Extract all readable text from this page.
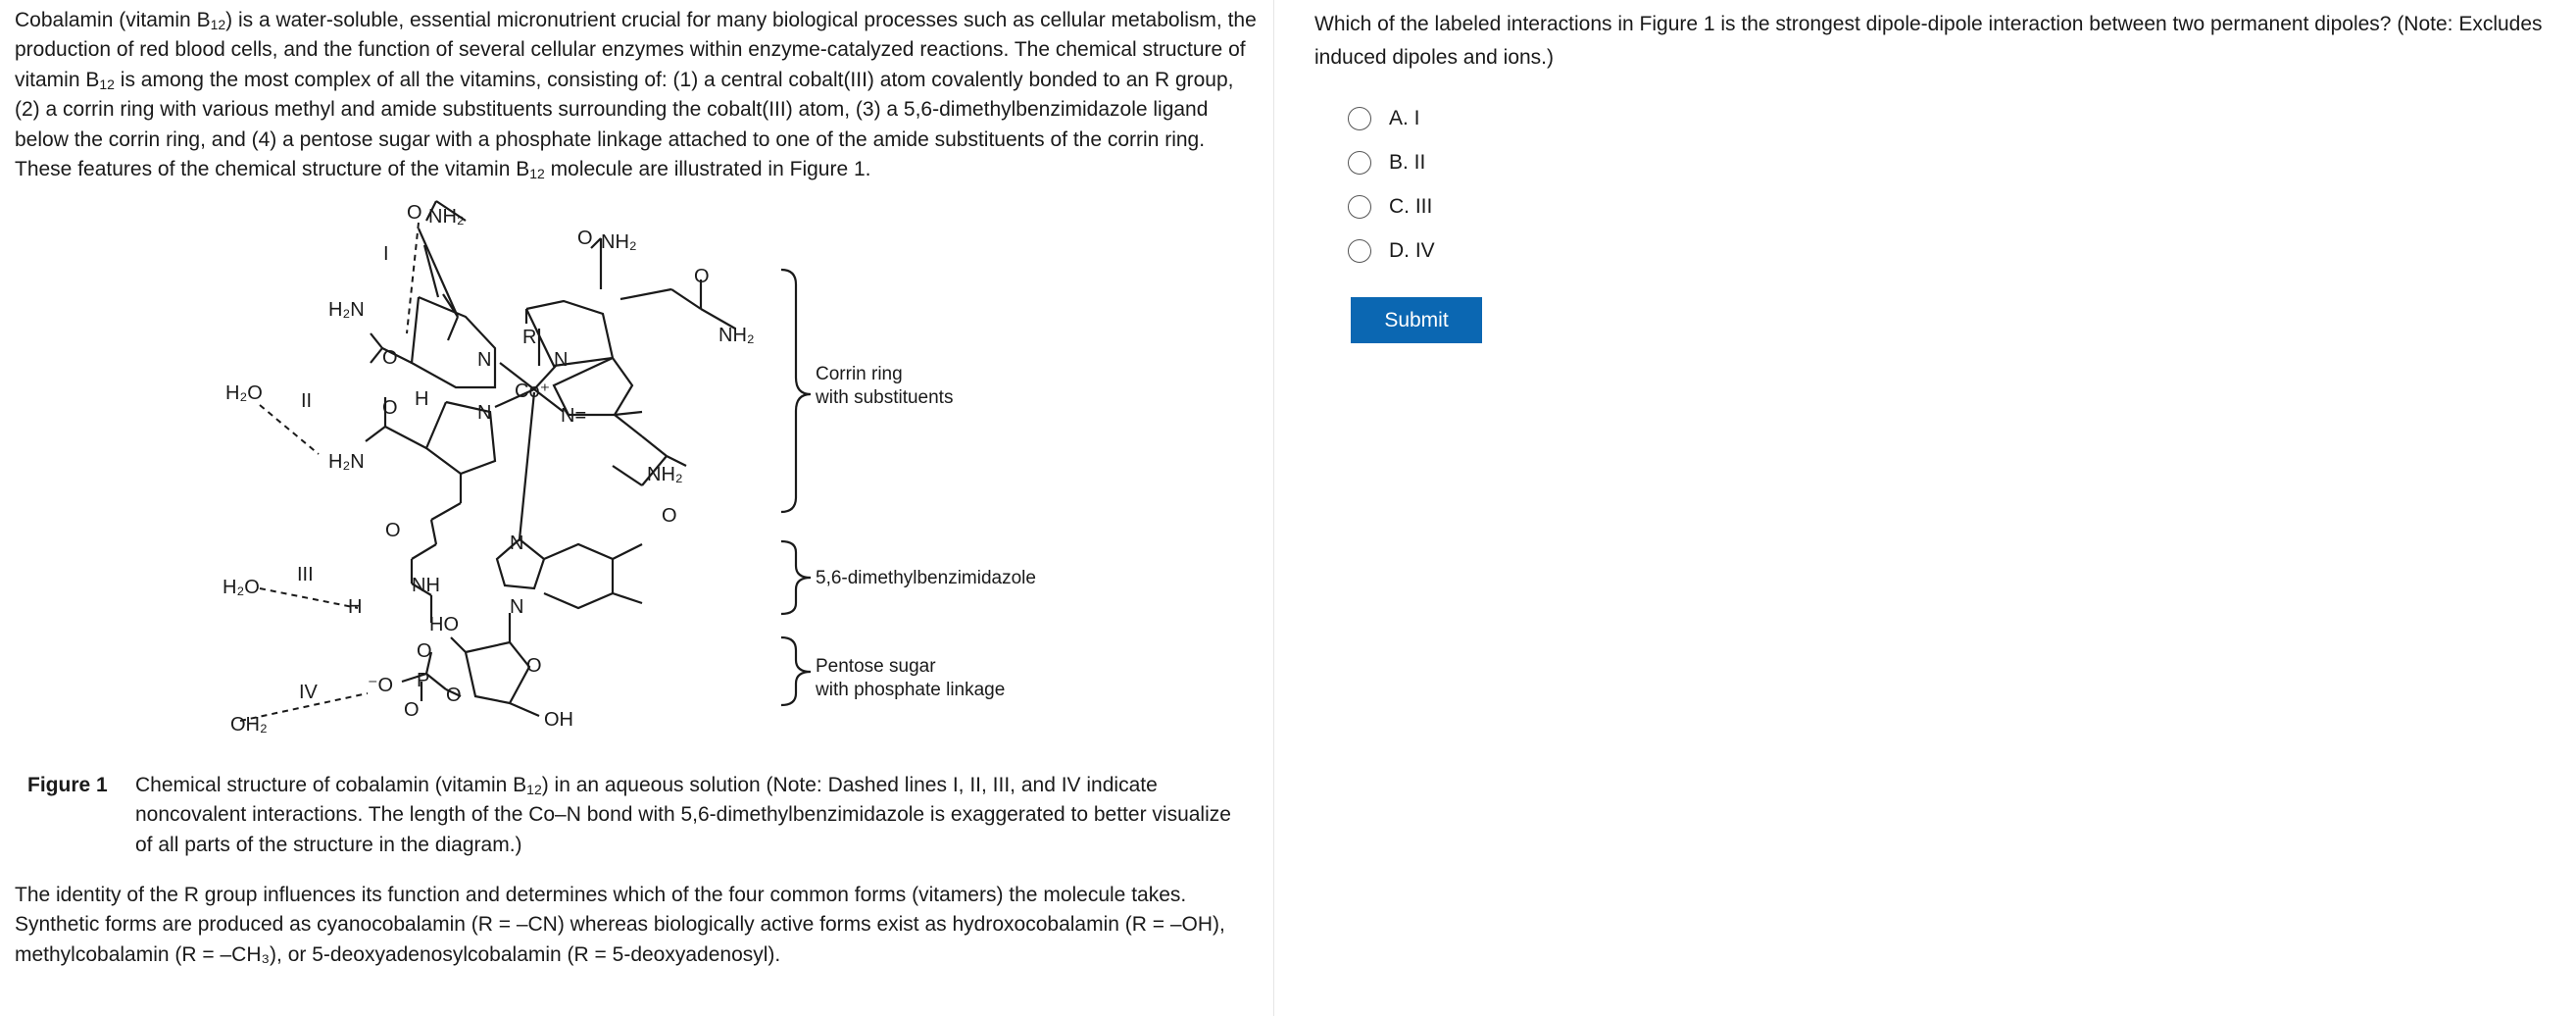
Cobalamin (vitamin $B_{12}$) is a water-soluble, essential micronutrient crucial for many biological processes such as cellular metabolism, the production of red blood cells, and the function of several cellular enzymes within enzyme-catalyzed reactions. The chemical structure of vitamin $B_{12}$ is among the most complex of all the vitamins, consisting of: (1) a central cobalt(III) atom covalently bonded to an R group, (2) a corrin ring with various methyl and amide substituents surrounding the cobalt(III) atom, (3) a 5,6-dimethylbenzimidazole ligand below the corrin ring, and (4) a pentose sugar with a phosphate linkage attached to one of the amide substituents of the corrin ring. These features of the chemical structure of the vitamin $B_{12}$ molecule are illustrated in Figure 1.

O NH₂
O NH₂
O
NH₂
H₂N
O
H₂O
O
H₂N
H
N	N
R
Co⁺
N	N=
NH₂
O
O
N
H₂O	NH
N
H
HO
O
O
⁻O P
O
O	OH
OH₂
I
II
III
IV
Corrin ring
with substituents
5,6-dimethylbenzimidazole
Pentose sugar
with phosphate linkage
Figure 1	Chemical structure of cobalamin (vitamin $B_{12}$) in an aqueous solution (Note: Dashed lines I, II, III, and IV indicate noncovalent interactions. The length of the Co–N bond with 5,6-dimethylbenzimidazole is exaggerated to better visualize of all parts of the structure in the diagram.)
The identity of the R group influences its function and determines which of the four common forms (vitamers) the molecule takes. Synthetic forms are produced as cyanocobalamin (R = –CN) whereas biologically active forms exist as hydroxocobalamin (R = –OH), methylcobalamin (R = –CH₃), or 5-deoxyadenosylcobalamin (R = 5-deoxyadenosyl).
Which of the labeled interactions in Figure 1 is the strongest dipole-dipole interaction between two permanent dipoles? (Note: Excludes induced dipoles and ions.)
A. I
B. II
C. III
D. IV
Submit
